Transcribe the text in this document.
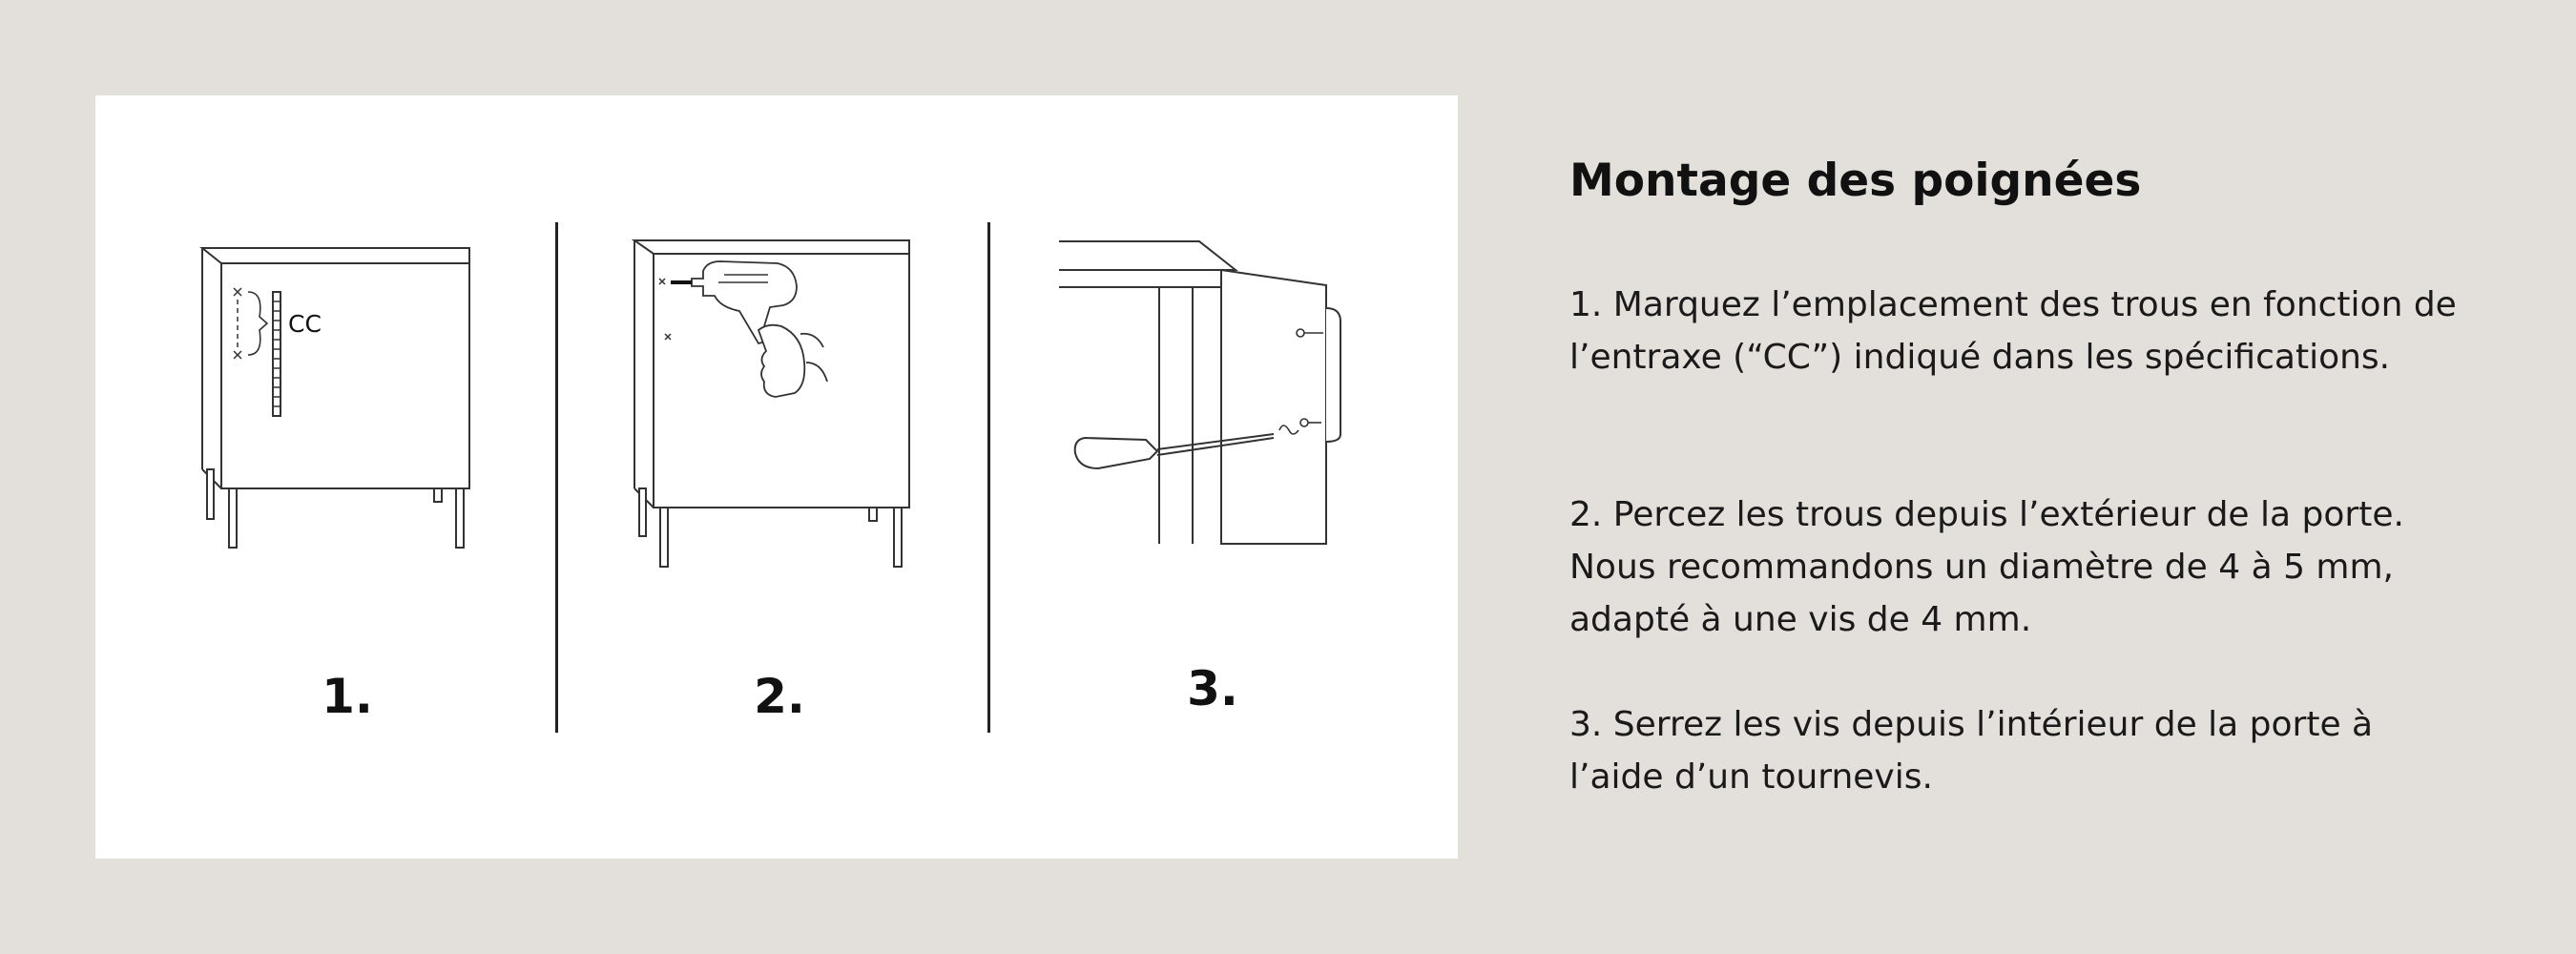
CC
1.	2.	3.
Montage des poignées

1. Marquez l’emplacement des trous en fonction de l’entraxe (“CC”) indiqué dans les spécifications.

2. Percez les trous depuis l’extérieur de la porte. Nous recommandons un diamètre de 4 à 5 mm, adapté à une vis de 4 mm.

3. Serrez les vis depuis l’intérieur de la porte à l’aide d’un tournevis.
